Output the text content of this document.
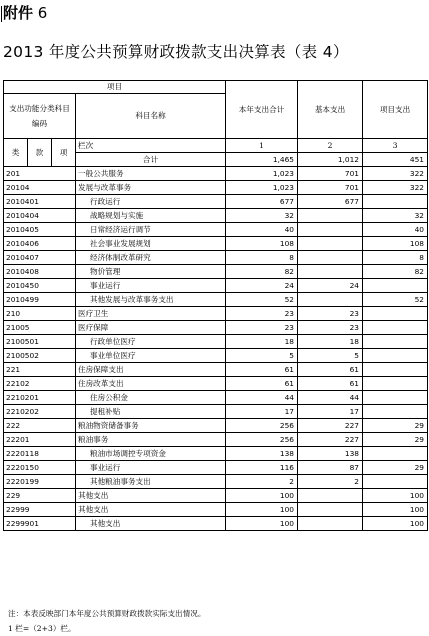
附件 6
2013 年度公共预算财政拨款支出决算表（表 4）
项目				本年支出合计	基本支出	项目支出
支出功能分类科目编码			科目名称			

类	款	项	栏次	1	2	3
			合计	1,465	1,012	451
201			一般公共服务	1,023	701	322
20104			发展与改革事务	1,023	701	322
2010401			行政运行	677	677	
2010404			战略规划与实施	32		32
2010405			日常经济运行调节	40		40
2010406			社会事业发展规划	108		108
2010407			经济体制改革研究	8		8
2010408			物价管理	82		82
2010450			事业运行	24	24	
2010499			其他发展与改革事务支出	52		52
210			医疗卫生	23	23	
21005			医疗保障	23	23	
2100501			行政单位医疗	18	18	
2100502			事业单位医疗	5	5	
221			住房保障支出	61	61	
22102			住房改革支出	61	61	
2210201			住房公积金	44	44	
2210202			提租补贴	17	17	
222			粮油物资储备事务	256	227	29
22201			粮油事务	256	227	29
2220118			粮油市场调控专项资金	138	138	
2220150			事业运行	116	87	29
2220199			其他粮油事务支出	2	2	
229			其他支出	100		100
22999			其他支出	100		100
2299901			其他支出	100		100
注：本表反映部门本年度公共预算财政拨款实际支出情况。
1 栏=（2+3）栏。
